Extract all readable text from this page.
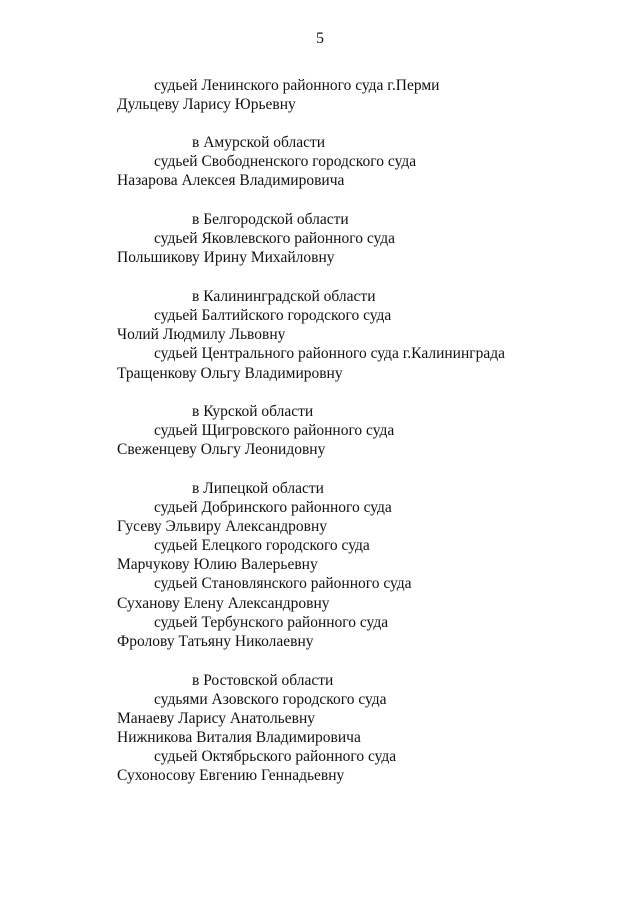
5
судьей Ленинского районного суда г.Перми
Дульцеву Ларису Юрьевну
в Амурской области
судьей Свободненского городского суда
Назарова Алексея Владимировича
в Белгородской области
судьей Яковлевского районного суда
Польшикову Ирину Михайловну
в Калининградской области
судьей Балтийского городского суда
Чолий Людмилу Львовну
судьей Центрального районного суда г.Калининграда
Тращенкову Ольгу Владимировну
в Курской области
судьей Щигровского районного суда
Свеженцеву Ольгу Леонидовну
в Липецкой области
судьей Добринского районного суда
Гусеву Эльвиру Александровну
судьей Елецкого городского суда
Марчукову Юлию Валерьевну
судьей Становлянского районного суда
Суханову Елену Александровну
судьей Тербунского районного суда
Фролову Татьяну Николаевну
в Ростовской области
судьями Азовского городского суда
Манаеву Ларису Анатольевну
Нижникова Виталия Владимировича
судьей Октябрьского районного суда
Сухоносову Евгению Геннадьевну
